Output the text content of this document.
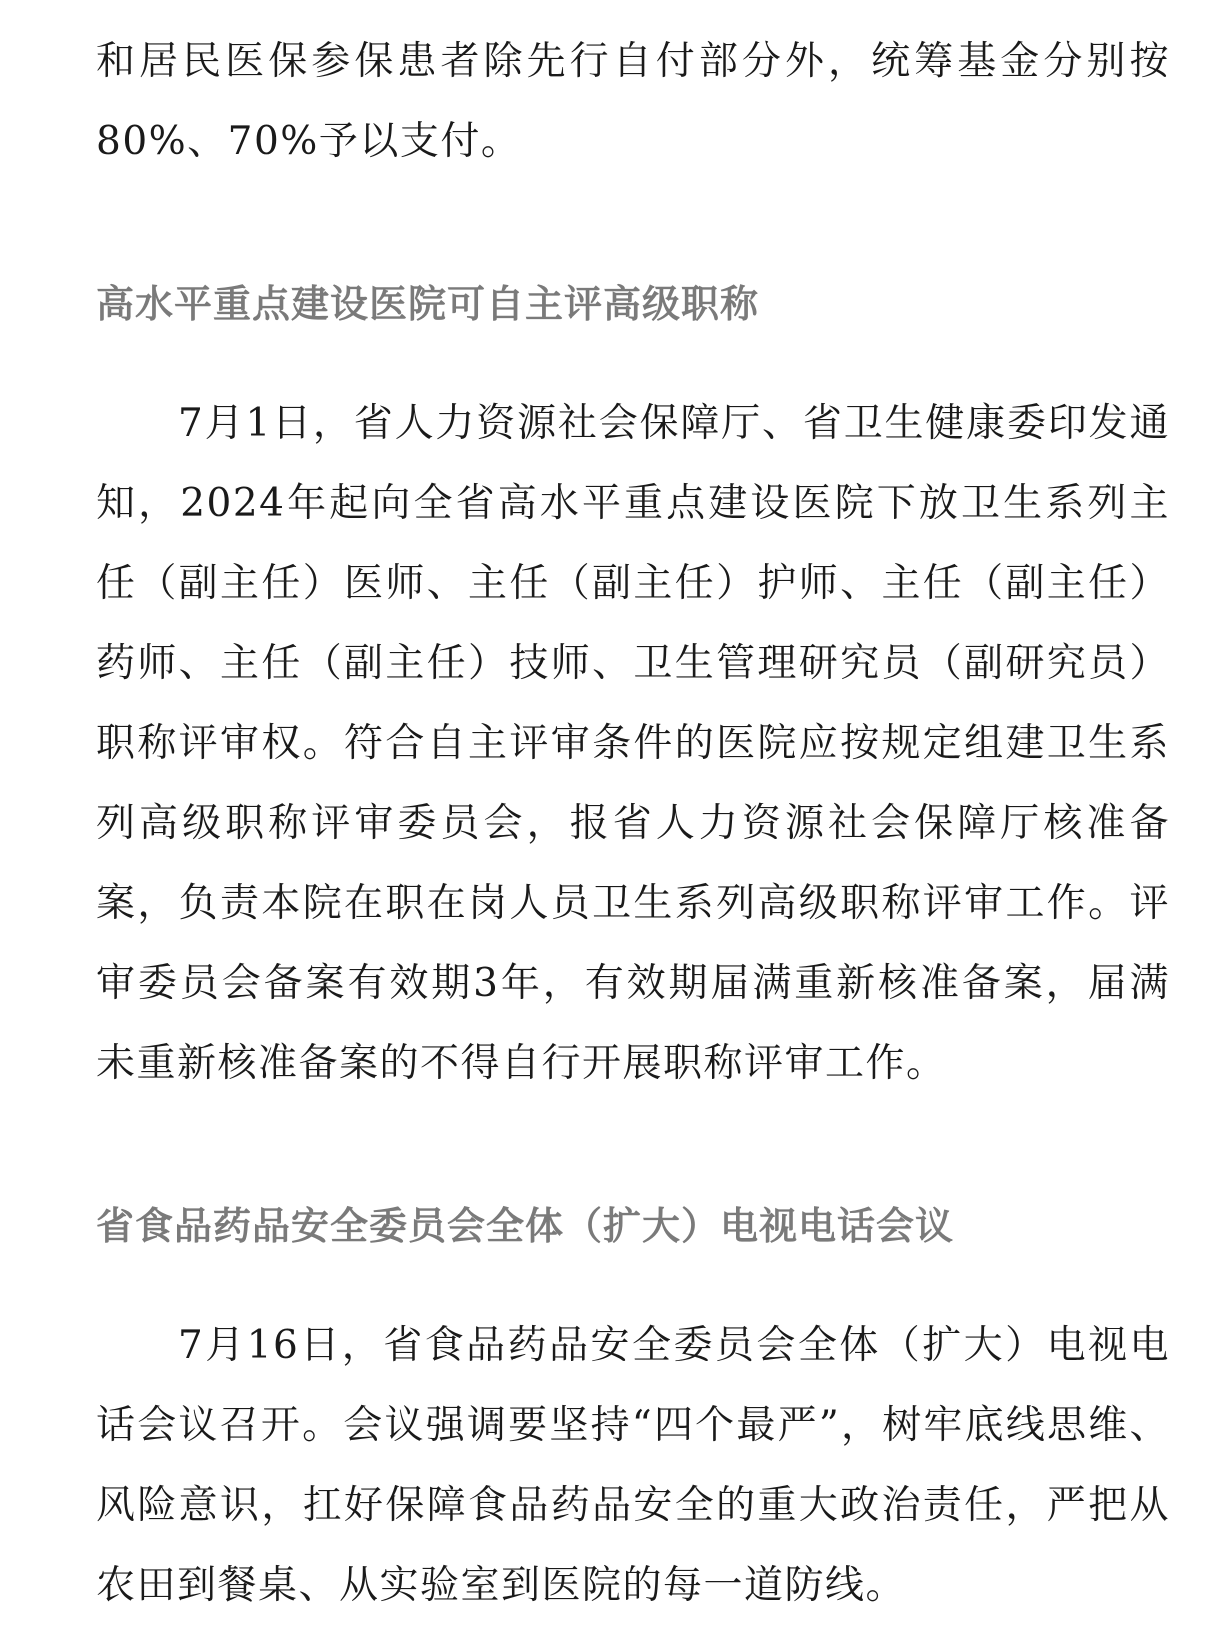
和居民医保参保患者除先行自付部分外，统筹基金分别按80%、70%予以支付。

高水平重点建设医院可自主评高级职称

7月1日，省人力资源社会保障厅、省卫生健康委印发通知，2024年起向全省高水平重点建设医院下放卫生系列主任（副主任）医师、主任（副主任）护师、主任（副主任）药师、主任（副主任）技师、卫生管理研究员（副研究员）职称评审权。符合自主评审条件的医院应按规定组建卫生系列高级职称评审委员会，报省人力资源社会保障厅核准备案，负责本院在职在岗人员卫生系列高级职称评审工作。评审委员会备案有效期3年，有效期届满重新核准备案，届满未重新核准备案的不得自行开展职称评审工作。

省食品药品安全委员会全体（扩大）电视电话会议

7月16日，省食品药品安全委员会全体（扩大）电视电话会议召开。会议强调要坚持“四个最严”，树牢底线思维、风险意识，扛好保障食品药品安全的重大政治责任，严把从农田到餐桌、从实验室到医院的每一道防线。
